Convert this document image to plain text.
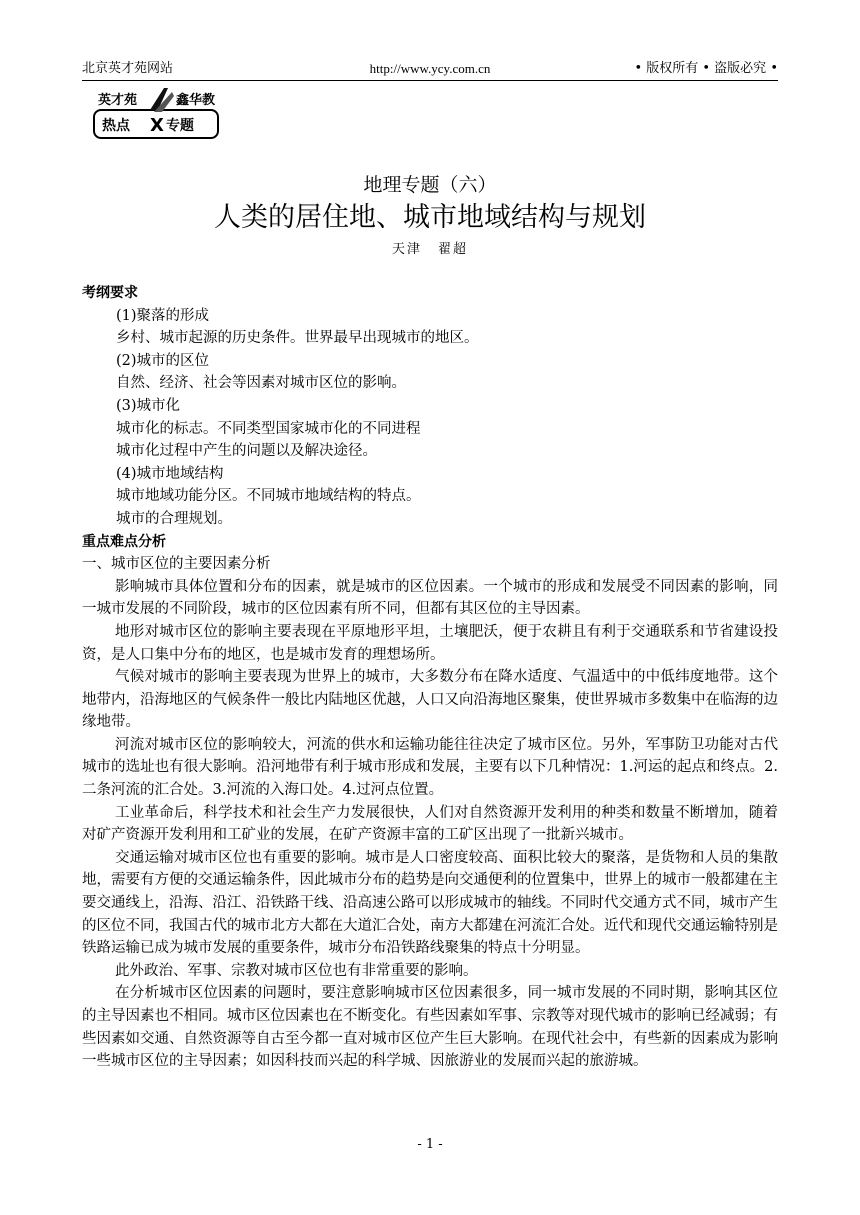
北京英才苑网站	http://www.ycy.com.cn	• 版权所有 • 盗版必究 •
英才苑	鑫华教
热点 X 专题
地理专题（六）
人类的居住地、城市地域结构与规划
天津 翟超

考纲要求

(1)聚落的形成

乡村、城市起源的历史条件。世界最早出现城市的地区。

(2)城市的区位

自然、经济、社会等因素对城市区位的影响。

(3)城市化

城市化的标志。不同类型国家城市化的不同进程

城市化过程中产生的问题以及解决途径。

(4)城市地域结构

城市地域功能分区。不同城市地域结构的特点。

城市的合理规划。

重点难点分析

一、城市区位的主要因素分析

影响城市具体位置和分布的因素，就是城市的区位因素。一个城市的形成和发展受不同因素的影响，同一城市发展的不同阶段，城市的区位因素有所不同，但都有其区位的主导因素。

地形对城市区位的影响主要表现在平原地形平坦，土壤肥沃，便于农耕且有利于交通联系和节省建设投资，是人口集中分布的地区，也是城市发育的理想场所。

气候对城市的影响主要表现为世界上的城市，大多数分布在降水适度、气温适中的中低纬度地带。这个地带内，沿海地区的气候条件一般比内陆地区优越，人口又向沿海地区聚集，使世界城市多数集中在临海的边缘地带。

河流对城市区位的影响较大，河流的供水和运输功能往往决定了城市区位。另外，军事防卫功能对古代城市的选址也有很大影响。沿河地带有利于城市形成和发展，主要有以下几种情况：1.河运的起点和终点。2.二条河流的汇合处。3.河流的入海口处。4.过河点位置。

工业革命后，科学技术和社会生产力发展很快，人们对自然资源开发利用的种类和数量不断增加，随着对矿产资源开发利用和工矿业的发展，在矿产资源丰富的工矿区出现了一批新兴城市。

交通运输对城市区位也有重要的影响。城市是人口密度较高、面积比较大的聚落，是货物和人员的集散地，需要有方便的交通运输条件，因此城市分布的趋势是向交通便利的位置集中，世界上的城市一般都建在主要交通线上，沿海、沿江、沿铁路干线、沿高速公路可以形成城市的轴线。不同时代交通方式不同，城市产生的区位不同，我国古代的城市北方大都在大道汇合处，南方大都建在河流汇合处。近代和现代交通运输特别是铁路运输已成为城市发展的重要条件，城市分布沿铁路线聚集的特点十分明显。

此外政治、军事、宗教对城市区位也有非常重要的影响。

在分析城市区位因素的问题时，要注意影响城市区位因素很多，同一城市发展的不同时期，影响其区位的主导因素也不相同。城市区位因素也在不断变化。有些因素如军事、宗教等对现代城市的影响已经减弱；有些因素如交通、自然资源等自古至今都一直对城市区位产生巨大影响。在现代社会中，有些新的因素成为影响一些城市区位的主导因素；如因科技而兴起的科学城、因旅游业的发展而兴起的旅游城。

- 1 -
